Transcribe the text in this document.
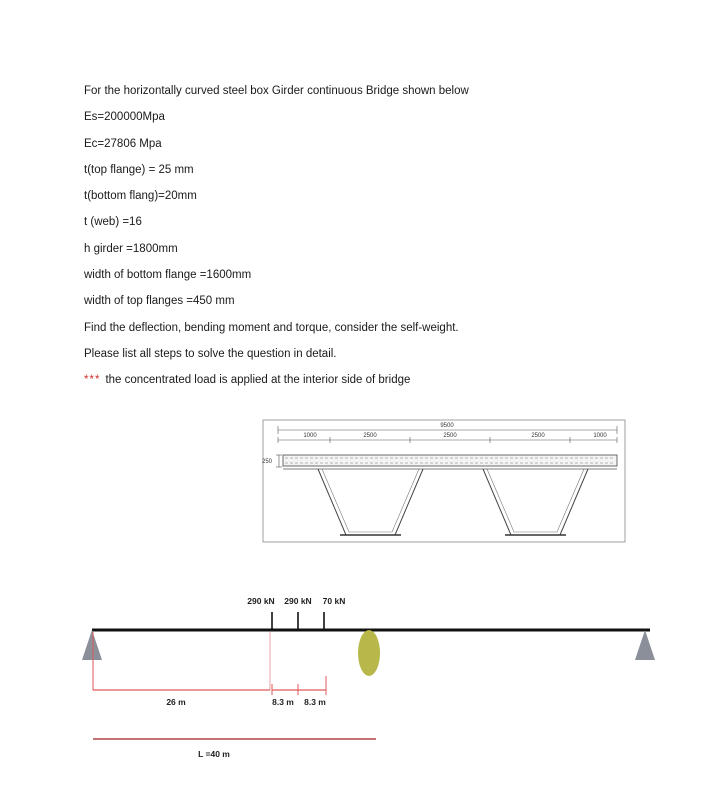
For the horizontally curved steel box Girder continuous Bridge shown below
Es=200000Mpa
Ec=27806 Mpa
t(top flange) = 25 mm
t(bottom flang)=20mm
t (web) =16
h girder =1800mm
width of bottom flange =1600mm
width of top flanges =450 mm
Find the deflection, bending moment and torque, consider the self-weight.
Please list all steps to solve the question in detail.
*** the concentrated load is applied at the interior side of bridge
9500
1000	2500	2500	2500	1000
250
290 kN 290 kN 70 kN
26 m	8.3 m 8.3 m
L =40 m
